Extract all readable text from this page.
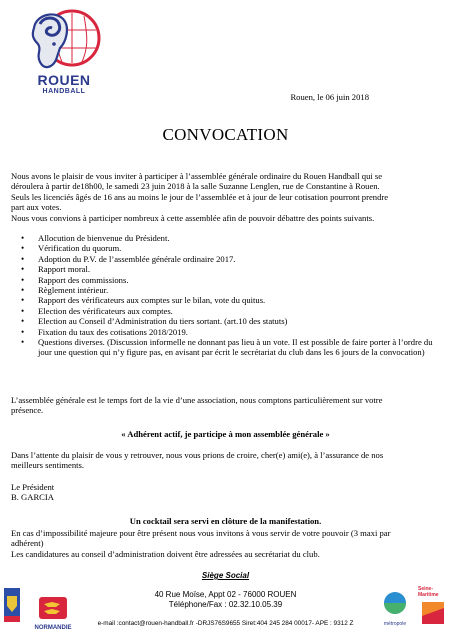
ROUEN
HANDBALL
Rouen, le 06 juin 2018
CONVOCATION
Nous avons le plaisir de vous inviter à participer à l’assemblée générale ordinaire du Rouen Handball qui se
déroulera à partir de18h00, le samedi 23 juin 2018 à la salle Suzanne Lenglen, rue de Constantine à Rouen.
Seuls les licenciés âgés de 16 ans au moins le jour de l’assemblée et à jour de leur cotisation pourront prendre
part aux votes.
Nous vous convions à participer nombreux à cette assemblée afin de pouvoir débattre des points suivants.
• Allocution de bienvenue du Président.
• Vérification du quorum.
• Adoption du P.V. de l’assemblée générale ordinaire 2017.
• Rapport moral.
• Rapport des commissions.
• Règlement intérieur.
• Rapport des vérificateurs aux comptes sur le bilan, vote du quitus.
• Election des vérificateurs aux comptes.
• Election au Conseil d’Administration du tiers sortant. (art.10 des statuts)
• Fixation du taux des cotisations 2018/2019.
• Questions diverses. (Discussion informelle ne donnant pas lieu à un vote. Il est possible de faire porter à l’ordre du jour une question qui n’y figure pas, en avisant par écrit le secrétariat du club dans les 6 jours de la convocation)
L’assemblée générale est le temps fort de la vie d’une association, nous comptons particulièrement sur votre
présence.
« Adhérent actif, je participe à mon assemblée générale »
Dans l’attente du plaisir de vous y retrouver, nous vous prions de croire, cher(e) ami(e), à l’assurance de nos
meilleurs sentiments.
Le Président
B. GARCIA
Un cocktail sera servi en clôture de la manifestation.
En cas d’impossibilité majeure pour être présent nous vous invitons à vous servir de votre pouvoir (3 maxi par
adhérent)
Les candidatures au conseil d’administration doivent être adressées au secrétariat du club.
Siège Social
40 Rue Moïse, Appt 02 - 76000 ROUEN
Téléphone/Fax : 02.32.10.05.39
e-mail :contact@rouen-handball.fr -DRJS76S9655 Siret:404 245 284 00017- APE : 9312 Z
NORMANDIE
métropole
Seine-Maritime
